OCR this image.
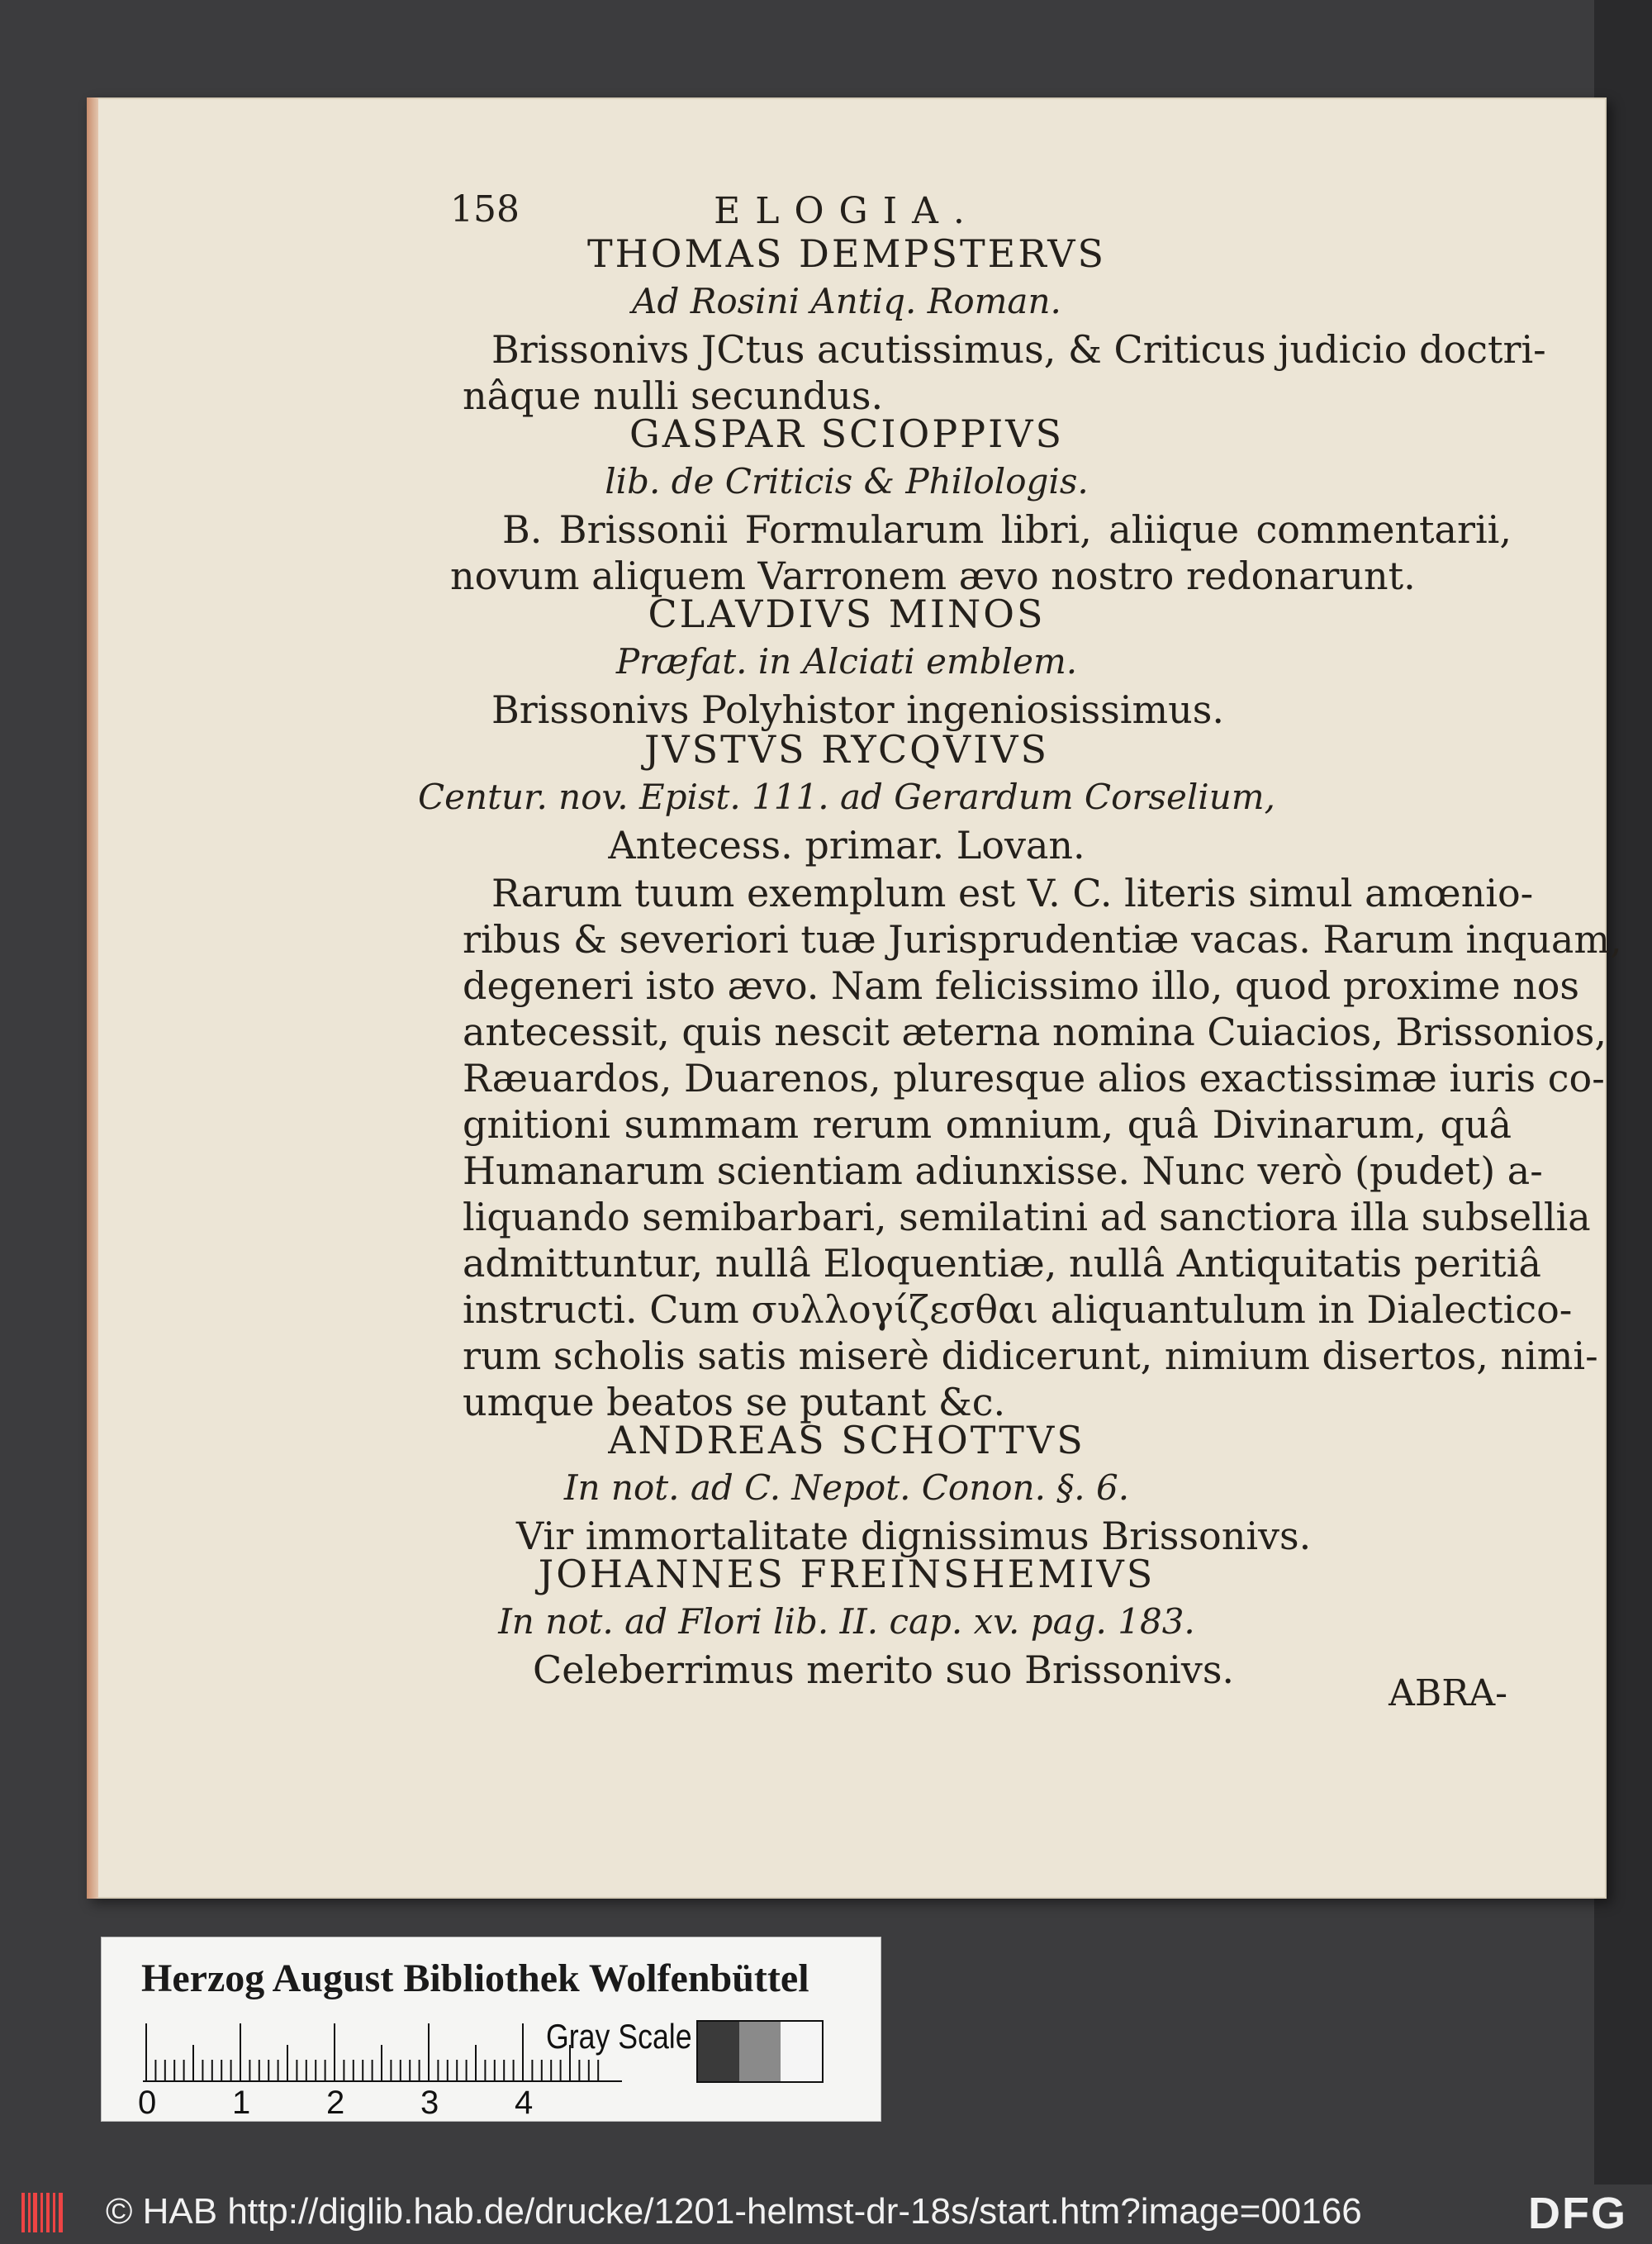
158	ELOGIA.
THOMAS DEMPSTERVS
Ad Rosini Antiq. Roman.
Brissonivs JCtus acutissimus, & Criticus judicio doctri-
nâque nulli secundus.
GASPAR SCIOPPIVS
lib. de Criticis & Philologis.
B. Brissonii Formularum libri, aliique commentarii,
novum aliquem Varronem ævo nostro redonarunt.
CLAVDIVS MINOS
Præfat. in Alciati emblem.
Brissonivs Polyhistor ingeniosissimus.
JVSTVS RYCQVIVS
Centur. nov. Epist. 111. ad Gerardum Corselium,
Antecess. primar. Lovan.
Rarum tuum exemplum est V. C. literis simul amœnio-
ribus & severiori tuæ Jurisprudentiæ vacas. Rarum inquam,
degeneri isto ævo. Nam felicissimo illo, quod proxime nos
antecessit, quis nescit æterna nomina Cuiacios, Brissonios,
Ræuardos, Duarenos, pluresque alios exactissimæ iuris co-
gnitioni summam rerum omnium, quâ Divinarum, quâ
Humanarum scientiam adiunxisse. Nunc verò (pudet) a-
liquando semibarbari, semilatini ad sanctiora illa subsellia
admittuntur, nullâ Eloquentiæ, nullâ Antiquitatis peritiâ
instructi. Cum συλλογίζεσθαι aliquantulum in Dialectico-
rum scholis satis miserè didicerunt, nimium disertos, nimi-
umque beatos se putant &c.
ANDREAS SCHOTTVS
In not. ad C. Nepot. Conon. §. 6.
Vir immortalitate dignissimus Brissonivs.
JOHANNES FREINSHEMIVS
In not. ad Flori lib. II. cap. xv. pag. 183.
Celeberrimus merito suo Brissonivs.
ABRA-
Herzog August Bibliothek Wolfenbüttel
0 1 2 3 4
Gray Scale
© HAB http://diglib.hab.de/drucke/1201-helmst-dr-18s/start.htm?image=00166	DFG
